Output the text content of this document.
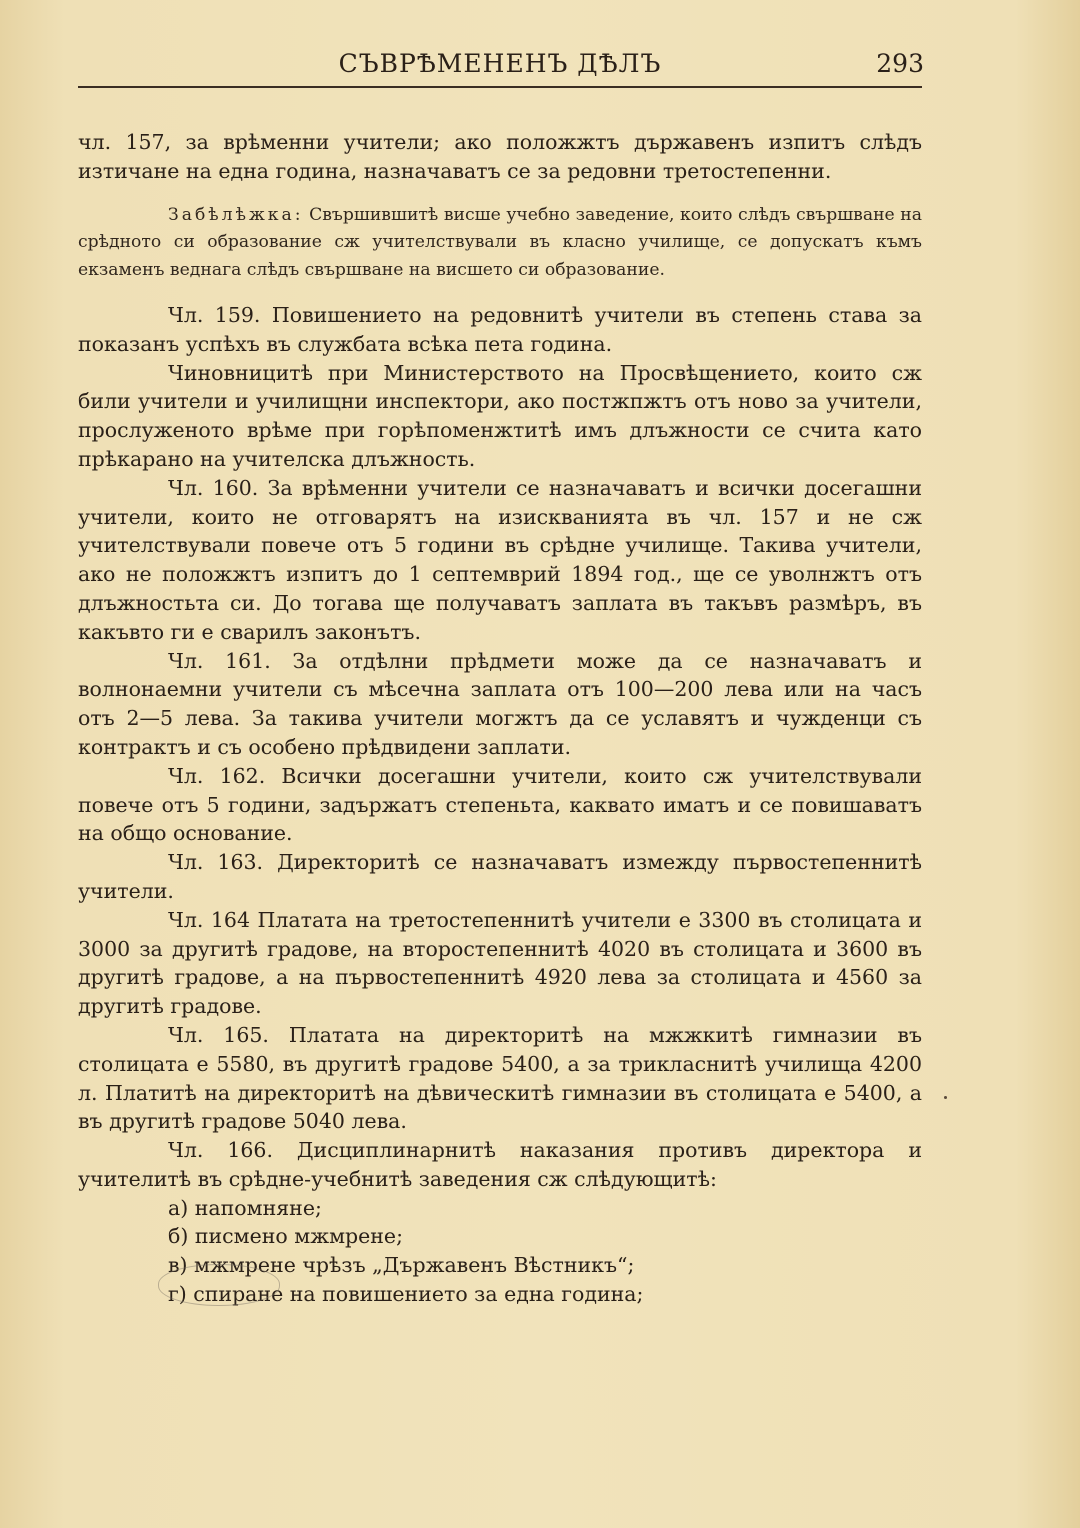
СЪВРѢМЕНЕНЪ ДѢЛЪ	293

чл. 157, за врѣменни учители; ако положжтъ държавенъ изпитъ слѣдъ изтичане на една година, назначаватъ се за редовни третостепенни.

Забѣлѣжка: Свършившитѣ висше учебно заведение, които слѣдъ свършване на срѣдното си образование сж учителствували въ класно училище, се допускатъ къмъ екзаменъ веднага слѣдъ свършване на висшето си образование.

Чл. 159. Повишението на редовнитѣ учители въ степень става за показанъ успѣхъ въ службата всѣка пета година.

Чиновницитѣ при Министерството на Просвѣщението, които сж били учители и училищни инспектори, ако постжпжтъ отъ ново за учители, прослуженото врѣме при горѣпоменжтитѣ имъ длъжности се счита като прѣкарано на учителска длъжность.

Чл. 160. За врѣменни учители се назначаватъ и всички досегашни учители, които не отговарятъ на изискванията въ чл. 157 и не сж учителствували повече отъ 5 години въ срѣдне училище. Такива учители, ако не положжтъ изпитъ до 1 септемврий 1894 год., ще се уволнжтъ отъ длъжностьта си. До тогава ще получаватъ заплата въ такъвъ размѣръ, въ какъвто ги е сварилъ законътъ.

Чл. 161. За отдѣлни прѣдмети може да се назначаватъ и волнонаемни учители съ мѣсечна заплата отъ 100—200 лева или на часъ отъ 2—5 лева. За такива учители могжтъ да се уславятъ и чужденци съ контрактъ и съ особено прѣдвидени заплати.

Чл. 162. Всички досегашни учители, които сж учителствували повече отъ 5 години, задържатъ степеньта, каквато иматъ и се повишаватъ на общо основание.

Чл. 163. Директоритѣ се назначаватъ измежду първостепеннитѣ учители.

Чл. 164 Платата на третостепеннитѣ учители е 3300 въ столицата и 3000 за другитѣ градове, на второстепеннитѣ 4020 въ столицата и 3600 въ другитѣ градове, а на първостепеннитѣ 4920 лева за столицата и 4560 за другитѣ градове.

Чл. 165. Платата на директоритѣ на мжжкитѣ гимназии въ столицата е 5580, въ другитѣ градове 5400, а за трикласнитѣ училища 4200 л. Платитѣ на директоритѣ на дѣвическитѣ гимназии въ столицата е 5400, а въ другитѣ градове 5040 лева.

Чл. 166. Дисциплинарнитѣ наказания противъ директора и учителитѣ въ срѣдне-учебнитѣ заведения сж слѣдующитѣ:

а) напомняне;
б) писмено мжмрене;
в) мжмрене чрѣзъ „Държавенъ Вѣстникъ“;
г) спиране на повишението за една година;
